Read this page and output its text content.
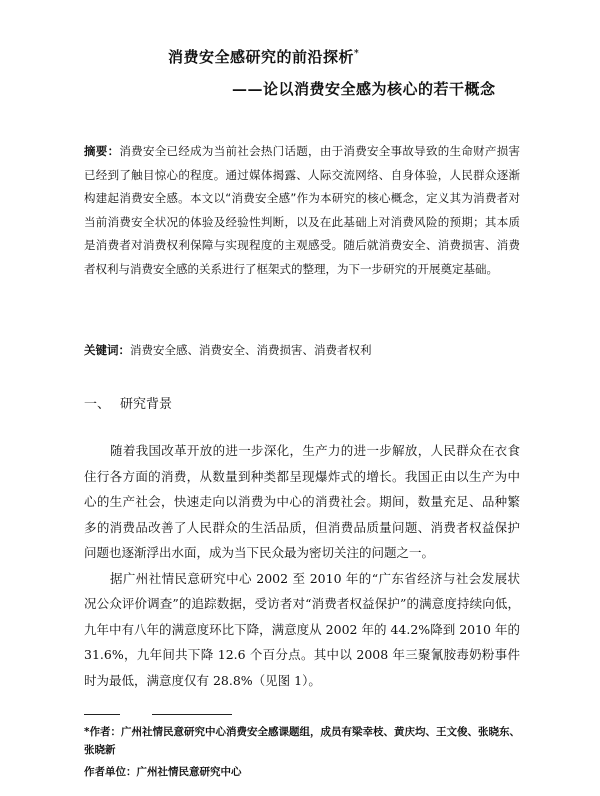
消费安全感研究的前沿探析*
——论以消费安全感为核心的若干概念
摘要：消费安全已经成为当前社会热门话题，由于消费安全事故导致的生命财产损害已经到了触目惊心的程度。通过媒体揭露、人际交流网络、自身体验，人民群众逐渐构建起消费安全感。本文以“消费安全感”作为本研究的核心概念，定义其为消费者对当前消费安全状况的体验及经验性判断，以及在此基础上对消费风险的预期；其本质是消费者对消费权利保障与实现程度的主观感受。随后就消费安全、消费损害、消费者权利与消费安全感的关系进行了框架式的整理，为下一步研究的开展奠定基础。
关键词：消费安全感、消费安全、消费损害、消费者权利
一、 研究背景

随着我国改革开放的进一步深化，生产力的进一步解放，人民群众在衣食住行各方面的消费，从数量到种类都呈现爆炸式的增长。我国正由以生产为中心的生产社会，快速走向以消费为中心的消费社会。期间，数量充足、品种繁多的消费品改善了人民群众的生活品质，但消费品质量问题、消费者权益保护问题也逐渐浮出水面，成为当下民众最为密切关注的问题之一。

据广州社情民意研究中心 2002 至 2010 年的“广东省经济与社会发展状况公众评价调查”的追踪数据，受访者对“消费者权益保护”的满意度持续向低，九年中有八年的满意度环比下降，满意度从 2002 年的 44.2%降到 2010 年的 31.6%，九年间共下降 12.6 个百分点。其中以 2008 年三聚氰胺毒奶粉事件时为最低，满意度仅有 28.8%（见图 1）。

*作者：广州社情民意研究中心消费安全感课题组，成员有梁幸枝、黄庆均、王文俊、张晓东、张晓新
作者单位：广州社情民意研究中心
